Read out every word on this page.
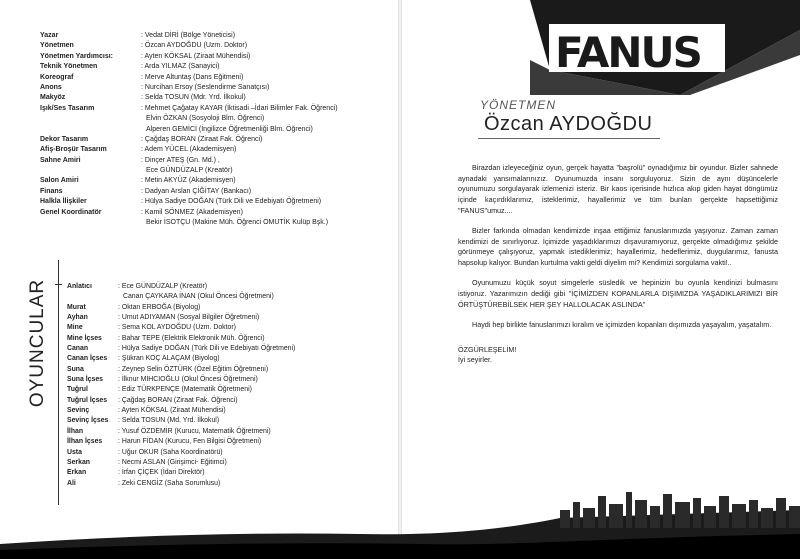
Yazar	: Vedat DİRİ (Bölge Yöneticisi)
Yönetmen	: Özcan AYDOĞDU (Uzm. Doktor)
Yönetmen Yardımcısı:	: Ayten KÖKSAL (Ziraat Mühendisi)
Teknik Yönetmen	: Arda YILMAZ (Sanayici)
Koreograf	: Merve Altuntaş (Dans Eğitmeni)
Anons	: Nurcihan Ersoy (Seslendirme Sanatçısı)
Makyöz	: Selda TOSUN (Mdr. Yrd. İlkokul)
Işık/Ses Tasarım	: Mehmet Çağatay KAYAR (İktisadi –İdari Bilimler Fak. Öğrenci)
Elvin ÖZKAN (Sosyoloji Blm. Öğrenci)
Alperen GEMİCİ (İngilizce Öğretmenliği Blm. Öğrenci)
Dekor Tasarım	: Çağdaş BORAN (Ziraat Fak. Öğrenci)
Afiş-Broşür Tasarım	: Adem YÜCEL (Akademisyen)
Sahne Amiri	: Dinçer ATEŞ (Gn. Md.) ,
Ece GÜNDÜZALP (Kreatör)
Salon Amiri	: Metin AKYÜZ (Akademisyen)
Finans	: Dadyan Arslan ÇİĞİTAY (Bankacı)
Halkla İlişkiler	: Hülya Sadiye DOĞAN (Türk Dili ve Edebiyatı Öğretmeni)
Genel Koordinatör	: Kamil SÖNMEZ (Akademisyen)
Bekir İSOTÇU (Makine Müh. Öğrenci OMUTİK Kulüp Bşk.)
OYUNCULAR	Anlatıcı	: Ece GÜNDÜZALP (Kreatör)
Canan ÇAYKARA İNAN (Okul Öncesi Öğretmeni)
Murat	: Oktan ERBOĞA (Biyolog)
Ayhan	: Umut ADIYAMAN (Sosyal Bilgiler Öğretmeni)
Mine	: Sema KOL AYDOĞDU (Uzm. Doktor)
Mine İçses	: Bahar TEPE (Elektrik Elektronik Müh. Öğrenci)
Canan	: Hülya Sadiye DOĞAN (Türk Dili ve Edebiyatı Öğretmeni)
Canan İçses	: Şükran KOÇ ALAÇAM (Biyolog)
Suna	: Zeynep Selin ÖZTÜRK (Özel Eğitim Öğretmeni)
Suna İçses	: İlknur MIHCIOĞLU (Okul Öncesi Öğretmeni)
Tuğrul	: Ediz TÜRKPENÇE (Matematik Öğretmeni)
Tuğrul İçses	: Çağdaş BORAN (Ziraat Fak. Öğrenci)
Sevinç	: Ayten KÖKSAL (Ziraat Mühendisi)
Sevinç İçses	: Selda TOSUN (Md. Yrd. İlkokul)
İlhan	: Yusuf ÖZDEMİR (Kurucu, Matematik Öğretmeni)
İlhan İçses	: Harun FİDAN (Kurucu, Fen Bilgisi Öğretmeni)
Usta	: Uğur OKUR (Saha Koordinatörü)
Serkan	: Necmi ASLAN (Girişimci- Eğitimci)
Erkan	: İrfan ÇİÇEK (İdari Direktör)
Ali	: Zeki CENGİZ (Saha Sorumlusu)
FANUS
YÖNETMEN
Özcan AYDOĞDU

Birazdan izleyeceğiniz oyun, gerçek hayatta "başrolü" oynadığımız bir oyundur. Bizler sahnede aynadaki yansımalarınızız. Oyunumuzda insanı sorguluyoruz. Sizin de aynı düşüncelerle oyunumuzu sorgulayarak izlemenizi isteriz. Bir kaos içerisinde hızlıca akıp giden hayat döngümüz içinde kaçırdıklarımız, isteklerimiz, hayallerimiz ve tüm bunları gerçekte hapsettiğimiz "FANUS"umuz....

Bizler farkında olmadan kendimizde inşaa ettiğimiz fanuslarımızda yaşıyoruz. Zaman zaman kendimizi de sınırlıyoruz. İçimizde yaşadıklarımızı dışavuramıyoruz, gerçekte olmadığımız şekilde görünmeye çalışıyoruz, yapmak istediklerimiz; hayallerimiz, hedeflerimiz, duygularımız, fanusta hapsolup kalıyor. Bundan kurtulma vakti geldi diyelim mi? Kendimizi sorgulama vakti!..

Oyunumuzu küçük soyut simgelerle süsledik ve hepinizin bu oyunla kendinizi bulmasını istiyoruz. Yazarımızın dediği gibi "İÇİMİZDEN KOPANLARLA DIŞIMIZDA YAŞADIKLARIMIZI BİR ÖRTÜŞTÜREBİLSEK HER ŞEY HALLOLACAK ASLINDA"

Haydi hep birlikte fanuslarımızı kıralım ve içimizden kopanları dışımızda yaşayalım, yaşatalım.

ÖZGÜRLEŞELİM!

İyi seyirler.
